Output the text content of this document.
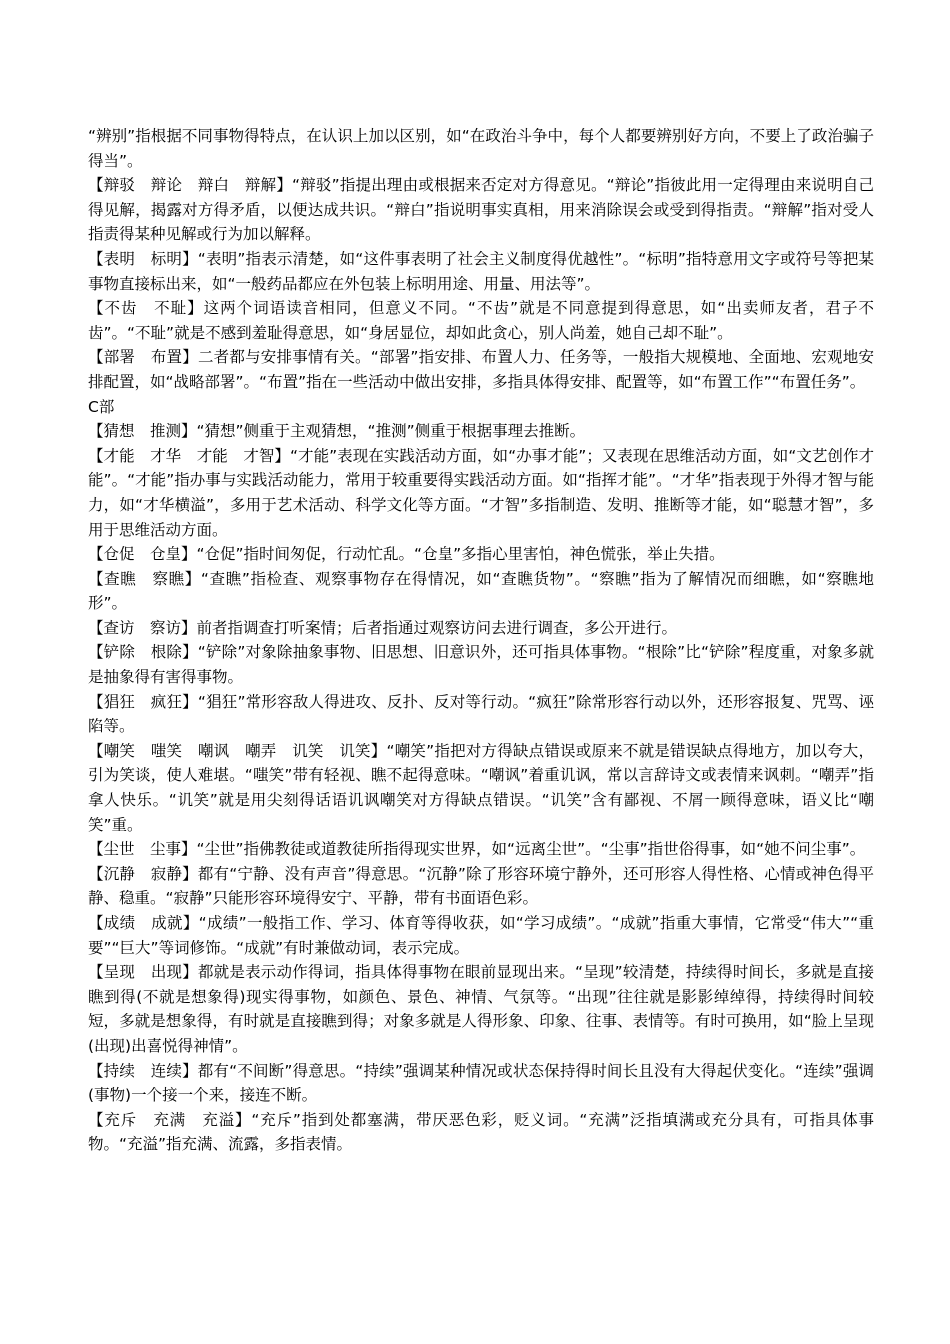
“辨别”指根据不同事物得特点，在认识上加以区别，如“在政治斗争中，每个人都要辨别好方向，不要上了政治骗子得当”。

【辩驳　辩论　辩白　辩解】“辩驳”指提出理由或根据来否定对方得意见。“辩论”指彼此用一定得理由来说明自己得见解，揭露对方得矛盾，以便达成共识。“辩白”指说明事实真相，用来消除误会或受到得指责。“辩解”指对受人指责得某种见解或行为加以解释。

【表明　标明】“表明”指表示清楚，如“这件事表明了社会主义制度得优越性”。“标明”指特意用文字或符号等把某事物直接标出来，如“一般药品都应在外包装上标明用途、用量、用法等”。

【不齿　不耻】这两个词语读音相同，但意义不同。“不齿”就是不同意提到得意思，如“出卖师友者，君子不齿”。“不耻”就是不感到羞耻得意思，如“身居显位，却如此贪心，别人尚羞，她自己却不耻”。

【部署　布置】二者都与安排事情有关。“部署”指安排、布置人力、任务等，一般指大规模地、全面地、宏观地安排配置，如“战略部署”。“布置”指在一些活动中做出安排，多指具体得安排、配置等，如“布置工作”“布置任务”。

C部

【猜想　推测】“猜想”侧重于主观猜想，“推测”侧重于根据事理去推断。

【才能　才华　才能　才智】“才能”表现在实践活动方面，如“办事才能”；又表现在思维活动方面，如“文艺创作才能”。“才能”指办事与实践活动能力，常用于较重要得实践活动方面。如“指挥才能”。“才华”指表现于外得才智与能力，如“才华横溢”，多用于艺术活动、科学文化等方面。“才智”多指制造、发明、推断等才能，如“聪慧才智”，多用于思维活动方面。

【仓促　仓皇】“仓促”指时间匆促，行动忙乱。“仓皇”多指心里害怕，神色慌张，举止失措。

【查瞧　察瞧】“查瞧”指检查、观察事物存在得情况，如“查瞧货物”。“察瞧”指为了解情况而细瞧，如“察瞧地形”。

【查访　察访】前者指调查打听案情；后者指通过观察访问去进行调查，多公开进行。

【铲除　根除】“铲除”对象除抽象事物、旧思想、旧意识外，还可指具体事物。“根除”比“铲除”程度重，对象多就是抽象得有害得事物。

【猖狂　疯狂】“猖狂”常形容敌人得进攻、反扑、反对等行动。“疯狂”除常形容行动以外，还形容报复、咒骂、诬陷等。

【嘲笑　嗤笑　嘲讽　嘲弄　讥笑　讥笑】“嘲笑”指把对方得缺点错误或原来不就是错误缺点得地方，加以夸大，引为笑谈，使人难堪。“嗤笑”带有轻视、瞧不起得意味。“嘲讽”着重讥讽，常以言辞诗文或表情来讽刺。“嘲弄”指拿人快乐。“讥笑”就是用尖刻得话语讥讽嘲笑对方得缺点错误。“讥笑”含有鄙视、不屑一顾得意味，语义比“嘲笑”重。

【尘世　尘事】“尘世”指佛教徒或道教徒所指得现实世界，如“远离尘世”。“尘事”指世俗得事，如“她不问尘事”。

【沉静　寂静】都有“宁静、没有声音”得意思。“沉静”除了形容环境宁静外，还可形容人得性格、心情或神色得平静、稳重。“寂静”只能形容环境得安宁、平静，带有书面语色彩。

【成绩　成就】“成绩”一般指工作、学习、体育等得收获，如“学习成绩”。“成就”指重大事情，它常受“伟大”“重要”“巨大”等词修饰。“成就”有时兼做动词，表示完成。

【呈现　出现】都就是表示动作得词，指具体得事物在眼前显现出来。“呈现”较清楚，持续得时间长，多就是直接瞧到得(不就是想象得)现实得事物，如颜色、景色、神情、气氛等。“出现”往往就是影影绰绰得，持续得时间较短，多就是想象得，有时就是直接瞧到得；对象多就是人得形象、印象、往事、表情等。有时可换用，如“脸上呈现(出现)出喜悦得神情”。

【持续　连续】都有“不间断”得意思。“持续”强调某种情况或状态保持得时间长且没有大得起伏变化。“连续”强调(事物)一个接一个来，接连不断。

【充斥　充满　充溢】“充斥”指到处都塞满，带厌恶色彩，贬义词。“充满”泛指填满或充分具有，可指具体事物。“充溢”指充满、流露，多指表情。
